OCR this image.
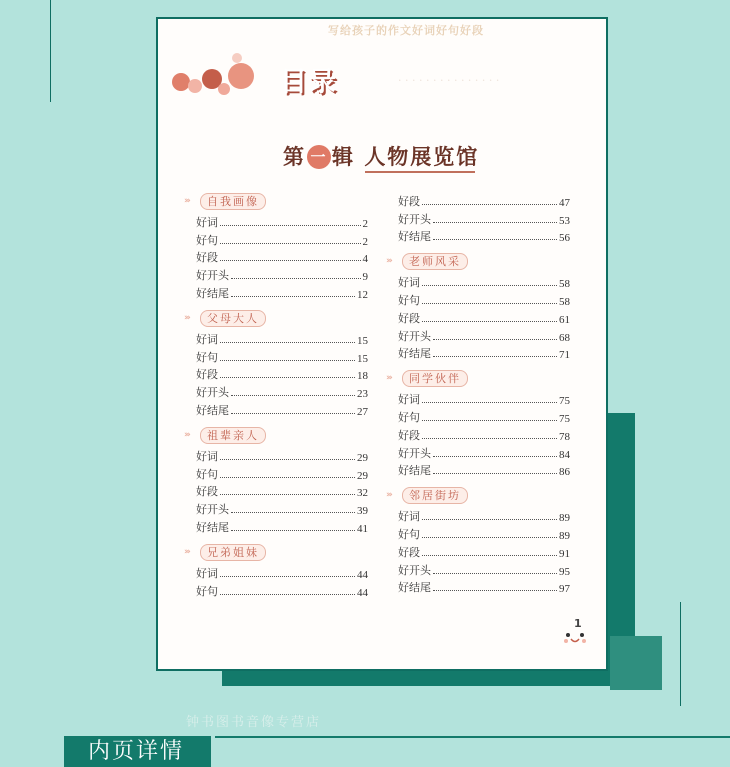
写给孩子的作文好词好句好段
· · · · · · · · · · · · · · ·
目录
第 一 辑 人物展览馆
›››	自我画像
好词	2
好句	2
好段	4
好开头	9
好结尾	12
›››	父母大人
好词	15
好句	15
好段	18
好开头	23
好结尾	27
›››	祖辈亲人
好词	29
好句	29
好段	32
好开头	39
好结尾	41
›››	兄弟姐妹
好词	44
好句	44
好段	47
好开头	53
好结尾	56
›››	老师风采
好词	58
好句	58
好段	61
好开头	68
好结尾	71
›››	同学伙伴
好词	75
好句	75
好段	78
好开头	84
好结尾	86
›››	邻居街坊
好词	89
好句	89
好段	91
好开头	95
好结尾	97
1
钟书图书音像专营店
内页详情
